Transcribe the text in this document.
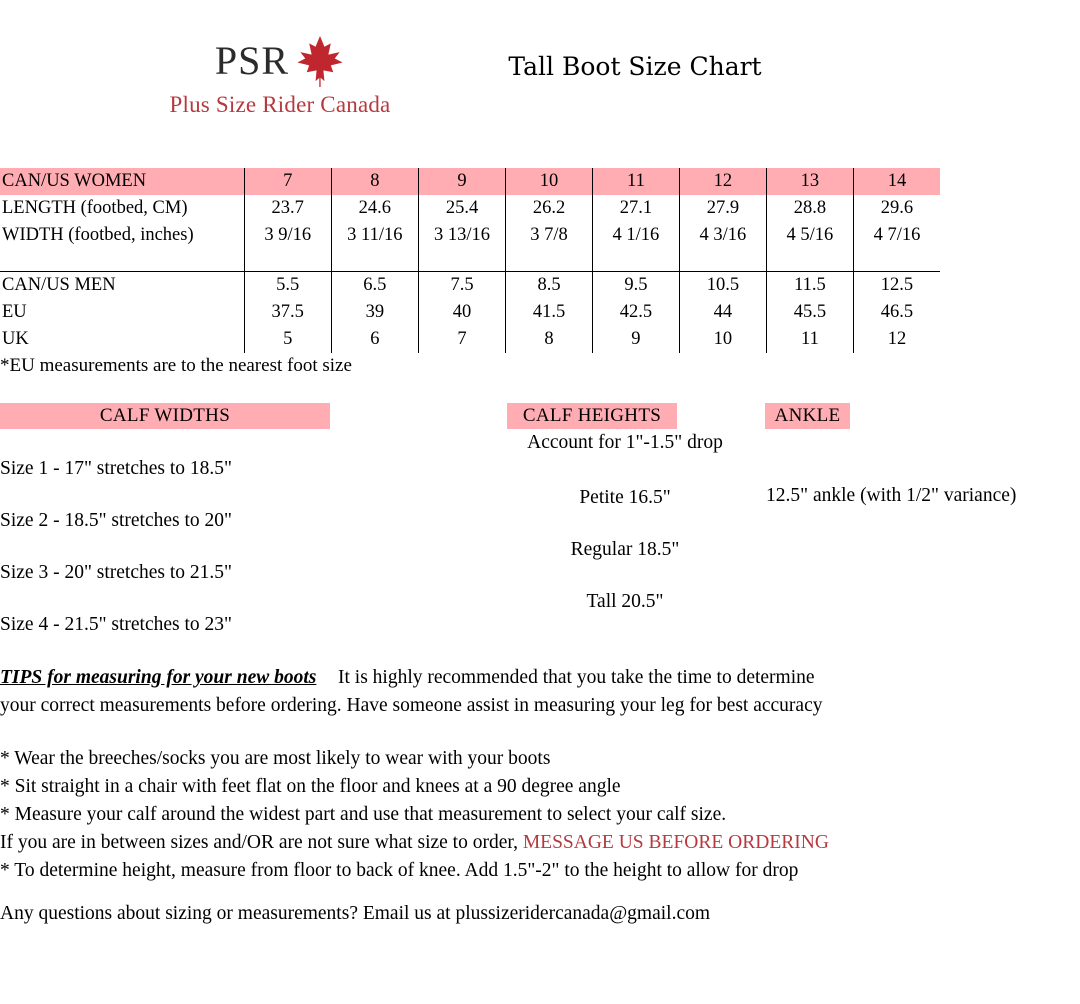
PSR
Plus Size Rider Canada
Tall Boot Size Chart
CAN/US WOMEN	7	8	9	10	11	12	13	14
LENGTH (footbed, CM)	23.7	24.6	25.4	26.2	27.1	27.9	28.8	29.6
WIDTH (footbed, inches)	3 9/16	3 11/16	3 13/16	3 7/8	4 1/16	4 3/16	4 5/16	4 7/16

CAN/US MEN	5.5	6.5	7.5	8.5	9.5	10.5	11.5	12.5
EU	37.5	39	40	41.5	42.5	44	45.5	46.5
UK	5	6	7	8	9	10	11	12
*EU measurements are to the nearest foot size
CALF WIDTHS	CALF HEIGHTS	ANKLE
Size 1 - 17" stretches to 18.5"
Size 2 - 18.5" stretches to 20"
Size 3 - 20" stretches to 21.5"
Size 4 - 21.5" stretches to 23"
Account for 1"-1.5" drop
Petite 16.5"
Regular 18.5"
Tall 20.5"
12.5" ankle (with 1/2" variance)
TIPS for measuring for your new boots It is highly recommended that you take the time to determine
your correct measurements before ordering. Have someone assist in measuring your leg for best accuracy
* Wear the breeches/socks you are most likely to wear with your boots
* Sit straight in a chair with feet flat on the floor and knees at a 90 degree angle
* Measure your calf around the widest part and use that measurement to select your calf size.
If you are in between sizes and/OR are not sure what size to order, MESSAGE US BEFORE ORDERING
* To determine height, measure from floor to back of knee. Add 1.5"-2" to the height to allow for drop
Any questions about sizing or measurements? Email us at plussizeridercanada@gmail.com
